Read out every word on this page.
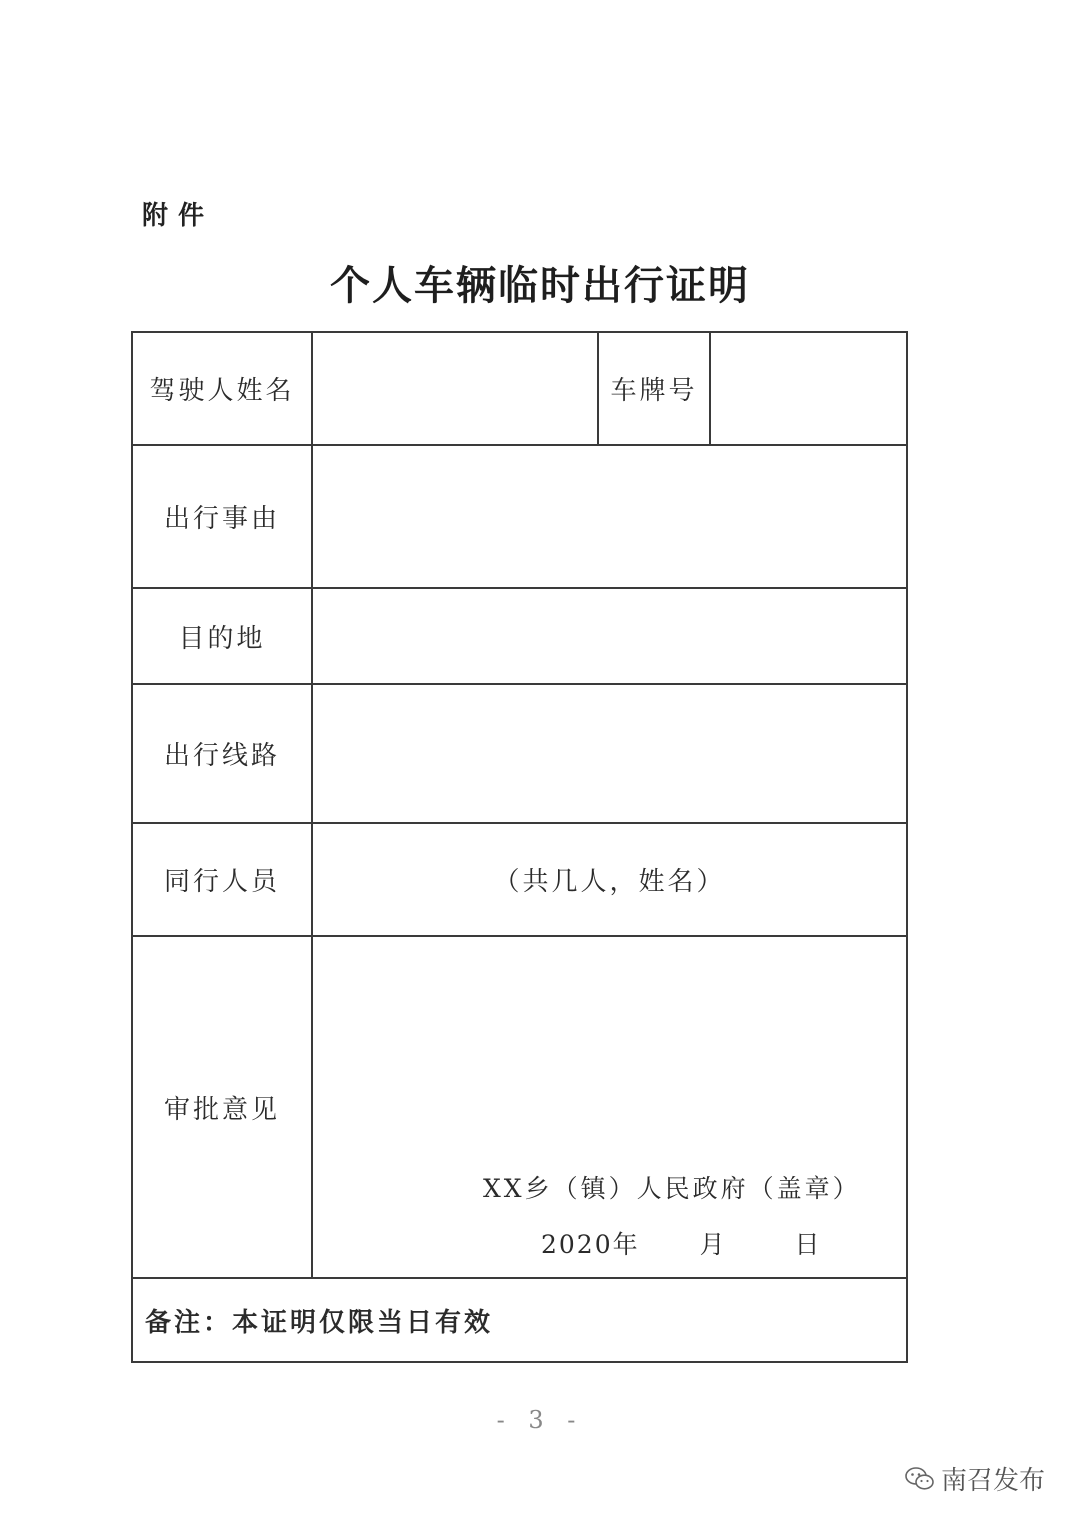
附件
个人车辆临时出行证明
驾驶人姓名		车牌号	
出行事由			
目的地			
出行线路			
同行人员	（共几人，姓名）		
审批意见	XX乡（镇）人民政府（盖章）
2020年 月 日		

备注：本证明仅限当日有效			
- 3 -
南召发布
